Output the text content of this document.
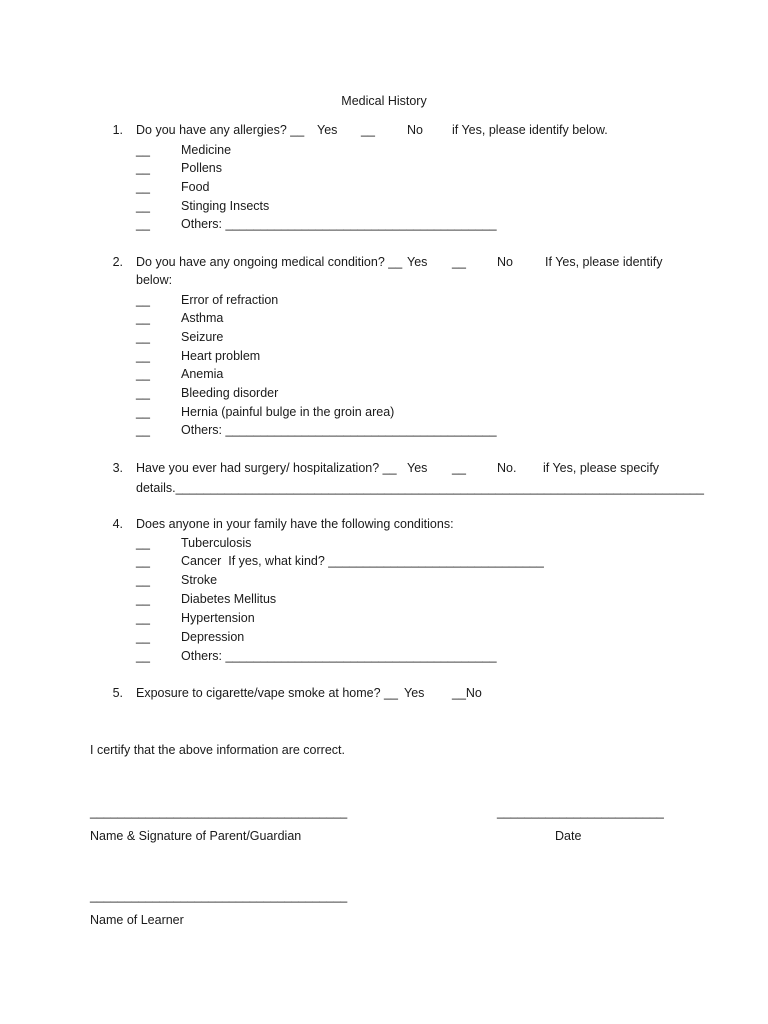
Medical History
1. Do you have any allergies? __ Yes __	No if Yes, please identify below.
__ Medicine
__ Pollens
__ Food
__ Stinging Insects
__ Others: _______________________________________
2. Do you have any ongoing medical condition? __ Yes __ No	If Yes, please identify
below:
__ Error of refraction
__ Asthma
__ Seizure
__ Heart problem
__ Anemia
__ Bleeding disorder
__ Hernia (painful bulge in the groin area)
__ Others: _______________________________________
3. Have you ever had surgery/ hospitalization? __ Yes __ No. if Yes, please specify
details.____________________________________________________________________________
4. Does anyone in your family have the following conditions:
__ Tuberculosis
__ Cancer  If yes, what kind? _______________________________
__ Stroke
__ Diabetes Mellitus
__ Hypertension
__ Depression
__ Others: _______________________________________
5. Exposure to cigarette/vape smoke at home? __ Yes __No
I certify that the above information are correct.
_____________________________________	________________________
Name & Signature of Parent/Guardian	Date
_____________________________________
Name of Learner
